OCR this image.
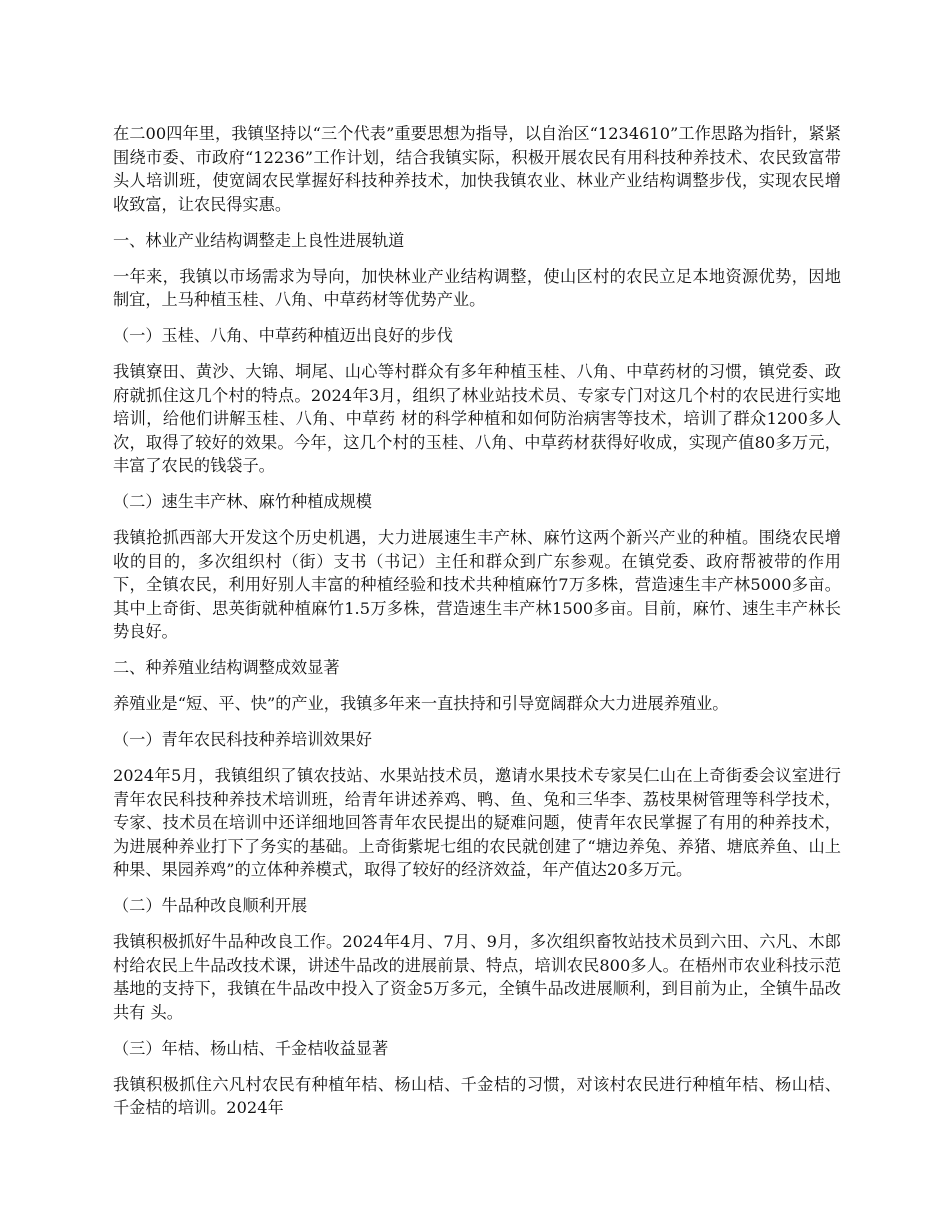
在二00四年里，我镇坚持以“三个代表”重要思想为指导，以自治区“1234610”工作思路为指针，紧紧围绕市委、市政府“12236”工作计划，结合我镇实际，积极开展农民有用科技种养技术、农民致富带头人培训班，使宽阔农民掌握好科技种养技术，加快我镇农业、林业产业结构调整步伐，实现农民增收致富，让农民得实惠。

一、林业产业结构调整走上良性进展轨道

一年来，我镇以市场需求为导向，加快林业产业结构调整，使山区村的农民立足本地资源优势，因地制宜，上马种植玉桂、八角、中草药材等优势产业。

（一）玉桂、八角、中草药种植迈出良好的步伐

我镇寮田、黄沙、大锦、垌尾、山心等村群众有多年种植玉桂、八角、中草药材的习惯，镇党委、政府就抓住这几个村的特点。2024年3月，组织了林业站技术员、专家专门对这几个村的农民进行实地培训，给他们讲解玉桂、八角、中草药 材的科学种植和如何防治病害等技术，培训了群众1200多人次，取得了较好的效果。今年，这几个村的玉桂、八角、中草药材获得好收成，实现产值80多万元，丰富了农民的钱袋子。

（二）速生丰产林、麻竹种植成规模

我镇抢抓西部大开发这个历史机遇，大力进展速生丰产林、麻竹这两个新兴产业的种植。围绕农民增收的目的，多次组织村（街）支书（书记）主任和群众到广东参观。在镇党委、政府帮被带的作用下，全镇农民，利用好别人丰富的种植经验和技术共种植麻竹7万多株，营造速生丰产林5000多亩。其中上奇街、思英街就种植麻竹1.5万多株，营造速生丰产林1500多亩。目前，麻竹、速生丰产林长势良好。

二、种养殖业结构调整成效显著

养殖业是“短、平、快”的产业，我镇多年来一直扶持和引导宽阔群众大力进展养殖业。

（一）青年农民科技种养培训效果好

2024年5月，我镇组织了镇农技站、水果站技术员，邀请水果技术专家吴仁山在上奇街委会议室进行青年农民科技种养技术培训班，给青年讲述养鸡、鸭、鱼、兔和三华李、荔枝果树管理等科学技术，专家、技术员在培训中还详细地回答青年农民提出的疑难问题，使青年农民掌握了有用的种养技术，为进展种养业打下了务实的基础。上奇街紫坭七组的农民就创建了“塘边养兔、养猪、塘底养鱼、山上种果、果园养鸡”的立体种养模式，取得了较好的经济效益，年产值达20多万元。

（二）牛品种改良顺利开展

我镇积极抓好牛品种改良工作。2024年4月、7月、9月，多次组织畜牧站技术员到六田、六凡、木郎村给农民上牛品改技术课，讲述牛品改的进展前景、特点，培训农民800多人。在梧州市农业科技示范基地的支持下，我镇在牛品改中投入了资金5万多元，全镇牛品改进展顺利，到目前为止，全镇牛品改共有 头。

（三）年桔、杨山桔、千金桔收益显著

我镇积极抓住六凡村农民有种植年桔、杨山桔、千金桔的习惯，对该村农民进行种植年桔、杨山桔、千金桔的培训。2024年
